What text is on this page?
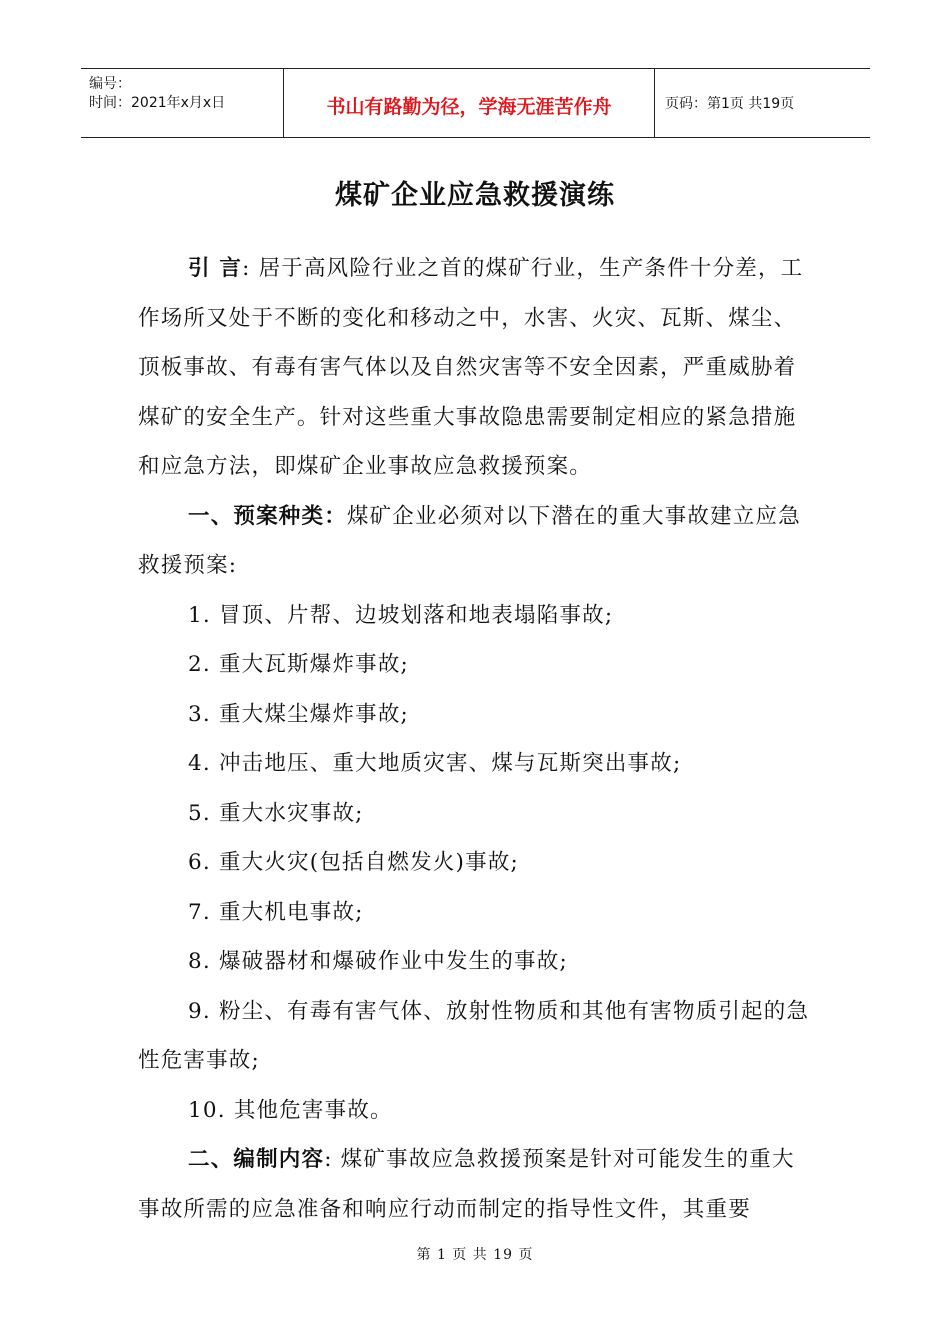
编号：
时间：2021年x月x日	书山有路勤为径，学海无涯苦作舟	页码：第1页 共19页
煤矿企业应急救援演练

引 言: 居于高风险行业之首的煤矿行业，生产条件十分差，工作场所又处于不断的变化和移动之中，水害、火灾、瓦斯、煤尘、顶板事故、有毒有害气体以及自然灾害等不安全因素，严重威胁着煤矿的安全生产。针对这些重大事故隐患需要制定相应的紧急措施和应急方法，即煤矿企业事故应急救援预案。

一、预案种类：煤矿企业必须对以下潜在的重大事故建立应急救援预案:

1. 冒顶、片帮、边坡划落和地表塌陷事故;

2. 重大瓦斯爆炸事故;

3. 重大煤尘爆炸事故;

4. 冲击地压、重大地质灾害、煤与瓦斯突出事故;

5. 重大水灾事故;

6. 重大火灾(包括自燃发火)事故;

7. 重大机电事故;

8. 爆破器材和爆破作业中发生的事故;

9. 粉尘、有毒有害气体、放射性物质和其他有害物质引起的急性危害事故;

10. 其他危害事故。

二、编制内容: 煤矿事故应急救援预案是针对可能发生的重大事故所需的应急准备和响应行动而制定的指导性文件，其重要

第 1 页 共 19 页
